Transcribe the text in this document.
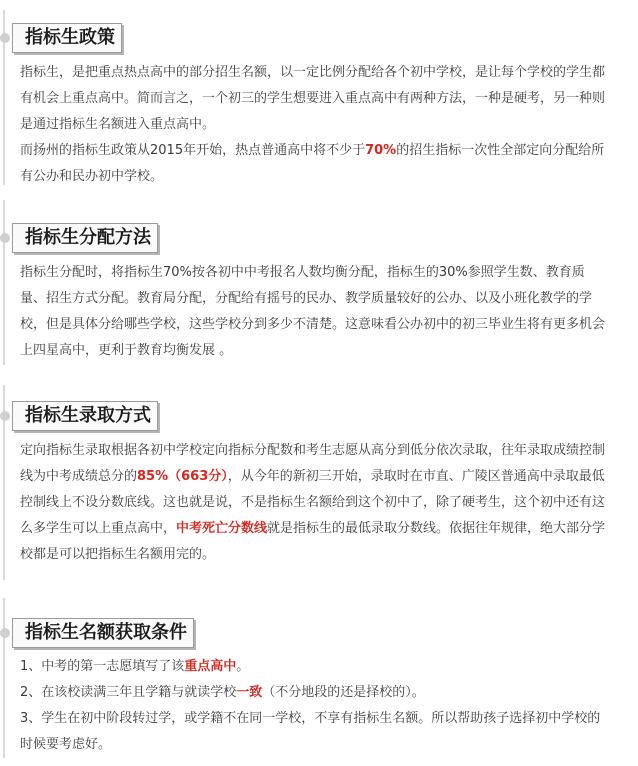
指标生政策

指标生，是把重点热点高中的部分招生名额，以一定比例分配给各个初中学校，是让每个学校的学生都有机会上重点高中。简而言之，一个初三的学生想要进入重点高中有两种方法，一种是硬考，另一种则是通过指标生名额进入重点高中。

而扬州的指标生政策从2015年开始，热点普通高中将不少于70%的招生指标一次性全部定向分配给所有公办和民办初中学校。

指标生分配方法

指标生分配时，将指标生70%按各初中中考报名人数均衡分配，指标生的30%参照学生数、教育质量、招生方式分配。教育局分配，分配给有摇号的民办、教学质量较好的公办、以及小班化教学的学校，但是具体分给哪些学校，这些学校分到多少不清楚。这意味看公办初中的初三毕业生将有更多机会上四星高中，更利于教育均衡发展 。

指标生录取方式

定向指标生录取根据各初中学校定向指标分配数和考生志愿从高分到低分依次录取，往年录取成绩控制线为中考成绩总分的85%（663分），从今年的新初三开始，录取时在市直、广陵区普通高中录取最低控制线上不设分数底线。这也就是说，不是指标生名额给到这个初中了，除了硬考生，这个初中还有这么多学生可以上重点高中，中考死亡分数线就是指标生的最低录取分数线。依据往年规律，绝大部分学校都是可以把指标生名额用完的。

指标生名额获取条件

1、中考的第一志愿填写了该重点高中。

2、在该校读满三年且学籍与就读学校一致（不分地段的还是择校的）。

3、学生在初中阶段转过学，或学籍不在同一学校，不享有指标生名额。所以帮助孩子选择初中学校的时候要考虑好。
